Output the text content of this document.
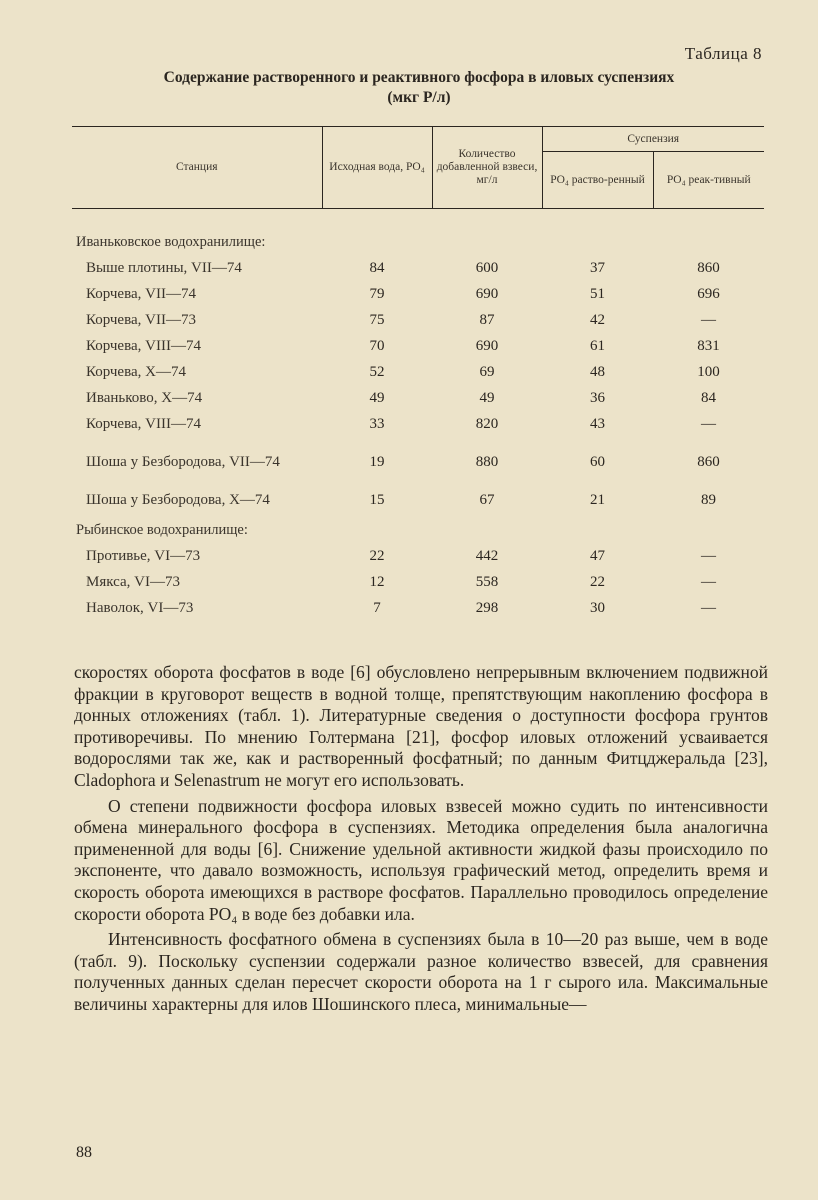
Таблица 8
Содержание растворенного и реактивного фосфора в иловых суспензиях
(мкг Р/л)
Станция	Исходная вода, PO₄	Количество добавленной взвеси, мг/л	Суспензия	
			PO₄ раство-ренный	PO₄ реак-тивный
Иваньковское водохранилище:				
Выше плотины, VII—74	84	600	37	860
Корчева, VII—74	79	690	51	696
Корчева, VII—73	75	87	42	—
Корчева, VIII—74	70	690	61	831
Корчева, X—74	52	69	48	100
Иваньково, X—74	49	49	36	84
Корчева, VIII—74	33	820	43	—
Шоша у Безбородова, VII—74	19	880	60	860
Шоша у Безбородова, X—74	15	67	21	89
Рыбинское водохранилище:				
Противье, VI—73	22	442	47	—
Мякса, VI—73	12	558	22	—
Наволок, VI—73	7	298	30	—

скоростях оборота фосфатов в воде [6] обусловлено непрерывным включением подвижной фракции в круговорот веществ в водной толще, препятствующим накоплению фосфора в донных отложениях (табл. 1). Литературные сведения о доступности фосфора грунтов противоречивы. По мнению Голтермана [21], фосфор иловых отложений усваивается водорослями так же, как и растворенный фосфатный; по данным Фитцджеральда [23], Cladophora и Selenastrum не могут его использовать.

О степени подвижности фосфора иловых взвесей можно судить по интенсивности обмена минерального фосфора в суспензиях. Методика определения была аналогична примененной для воды [6]. Снижение удельной активности жидкой фазы происходило по экспоненте, что давало возможность, используя графический метод, определить время и скорость оборота имеющихся в растворе фосфатов. Параллельно проводилось определение скорости оборота PO₄ в воде без добавки ила.

Интенсивность фосфатного обмена в суспензиях была в 10—20 раз выше, чем в воде (табл. 9). Поскольку суспензии содержали разное количество взвесей, для сравнения полученных данных сделан пересчет скорости оборота на 1 г сырого ила. Максимальные величины характерны для илов Шошинского плеса, минимальные—

88
